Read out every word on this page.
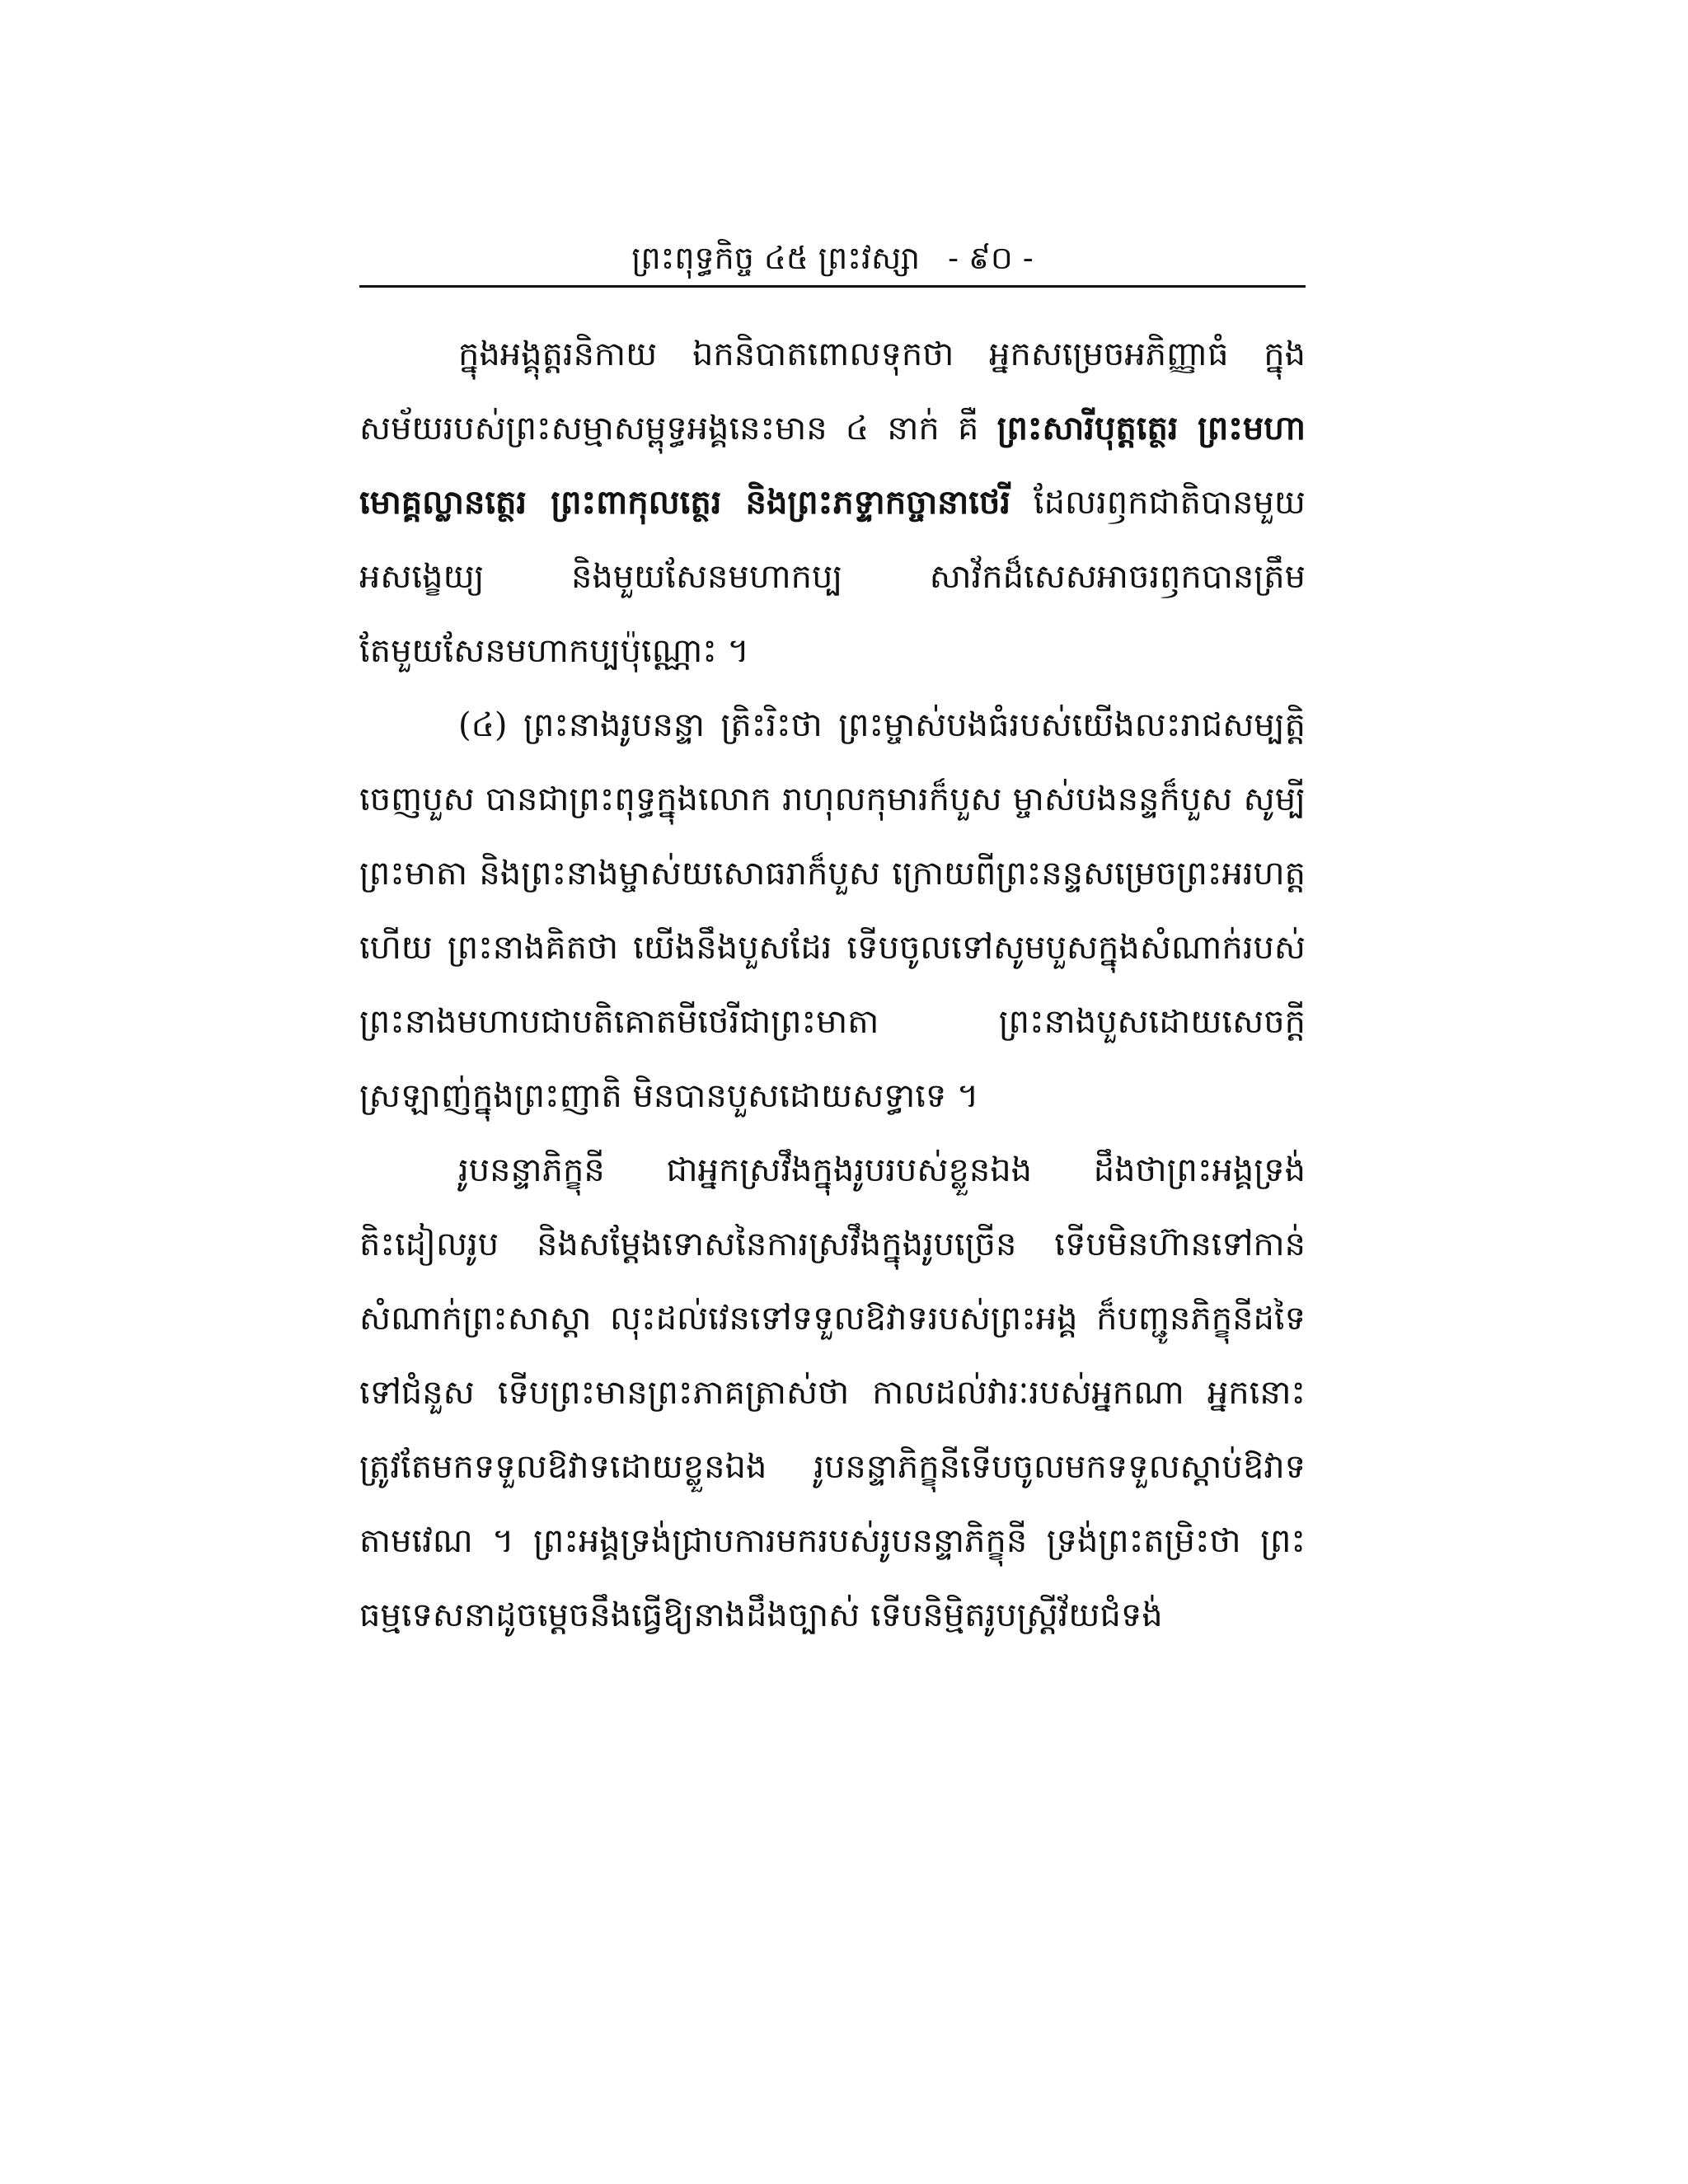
ព្រះពុទ្ធកិច្ច ៤៥ ព្រះវស្សា - ៩០ -

ក្នុងអង្គុត្តរនិកាយ ឯកនិបាតពោលទុកថា អ្នកសម្រេចអភិញ្ញាធំ ក្នុងសម័យរបស់ព្រះសម្មាសម្ពុទ្ធអង្គនេះមាន ៤ នាក់ គឺ ព្រះសារីបុត្តត្ថេរ ព្រះមហាមោគ្គល្លានត្ថេរ ព្រះពាកុលត្ថេរ និងព្រះភទ្ទាកច្ចានាថេរី ដែលរឭកជាតិបានមួយអសង្ខេយ្យ និងមួយសែនមហាកប្ប សាវ័កដ៏សេសអាចរឭកបានត្រឹមតែមួយសែនមហាកប្បប៉ុណ្ណោះ ។

(៤) ព្រះនាងរូបនន្ទា ត្រិះរិះថា ព្រះម្ចាស់បងធំរបស់យើងលះរាជសម្បត្តិចេញបួស បានជាព្រះពុទ្ធក្នុងលោក រាហុលកុមារក៏បួស ម្ចាស់បងនន្ទក៏បួស សូម្បីព្រះមាតា និងព្រះនាងម្ចាស់យសោធរាក៏បួស ក្រោយពីព្រះនន្ទសម្រេចព្រះអរហត្តហើយ ព្រះនាងគិតថា យើងនឹងបួសដែរ ទើបចូលទៅសូមបួសក្នុងសំណាក់របស់ព្រះនាងមហាបជាបតិគោតមីថេរីជាព្រះមាតា ព្រះនាងបួសដោយសេចក្តីស្រឡាញ់ក្នុងព្រះញាតិ មិនបានបួសដោយសទ្ធាទេ ។

រូបនន្ទាភិក្ខុនី ជាអ្នកស្រវឹងក្នុងរូបរបស់ខ្លួនឯង ដឹងថាព្រះអង្គទ្រង់តិះដៀលរូប និងសម្តែងទោសនៃការស្រវឹងក្នុងរូបច្រើន ទើបមិនហ៊ានទៅកាន់សំណាក់ព្រះសាស្តា លុះដល់វេនទៅទទួលឱវាទរបស់ព្រះអង្គ ក៏បញ្ជូនភិក្ខុនីដទៃទៅជំនួស ទើបព្រះមានព្រះភាគត្រាស់ថា កាលដល់វារៈរបស់អ្នកណា អ្នកនោះត្រូវតែមកទទួលឱវាទដោយខ្លួនឯង រូបនន្ទាភិក្ខុនីទើបចូលមកទទួលស្តាប់ឱវាទតាមវេណ ។ ព្រះអង្គទ្រង់ជ្រាបការមករបស់រូបនន្ទាភិក្ខុនី ទ្រង់ព្រះតម្រិះថា ព្រះធម្មទេសនាដូចម្តេចនឹងធ្វើឱ្យនាងដឹងច្បាស់ ទើបនិម្មិតរូបស្ត្រីវ័យជំទង់
